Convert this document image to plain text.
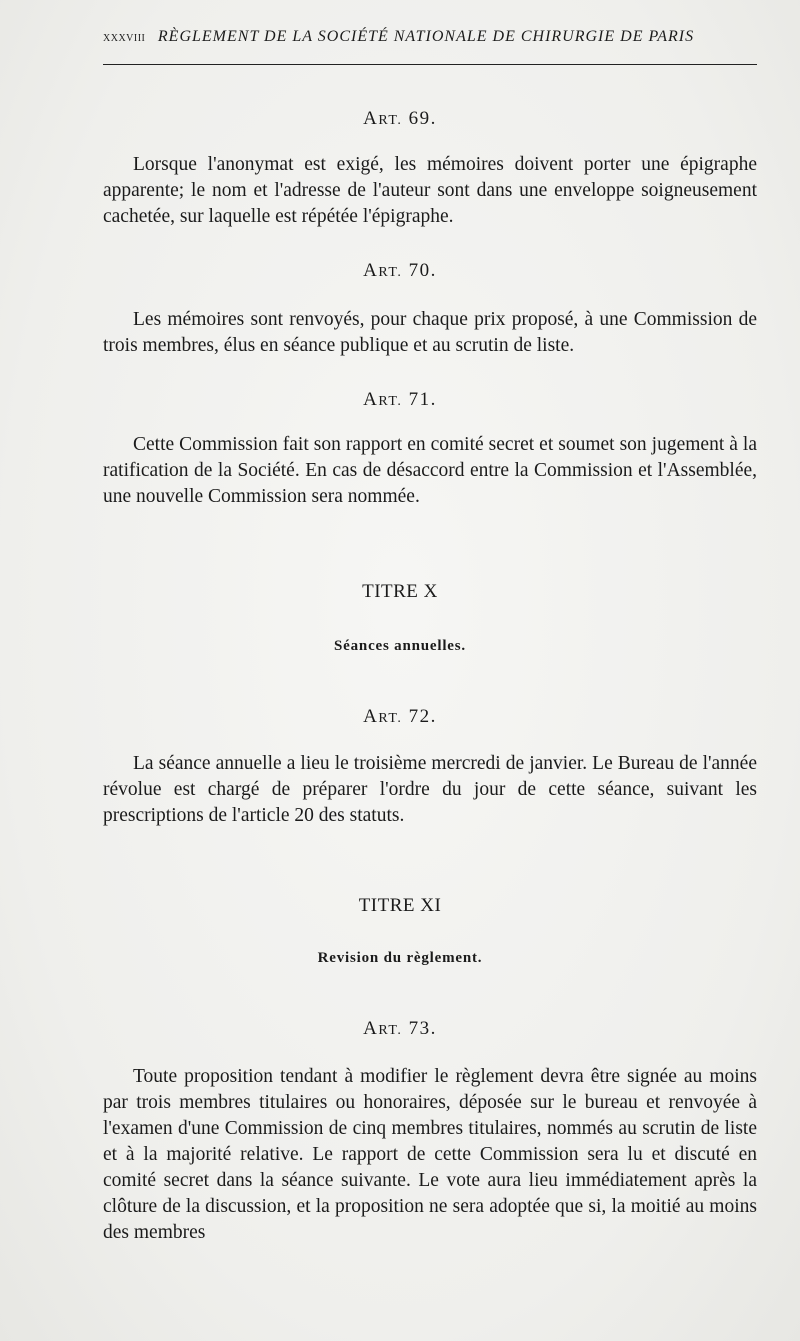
xxxviii RÈGLEMENT DE LA SOCIÉTÉ NATIONALE DE CHIRURGIE DE PARIS
ART. 69.
Lorsque l'anonymat est exigé, les mémoires doivent porter une épigraphe apparente; le nom et l'adresse de l'auteur sont dans une enveloppe soigneusement cachetée, sur laquelle est répétée l'épigraphe.
ART. 70.
Les mémoires sont renvoyés, pour chaque prix proposé, à une Commission de trois membres, élus en séance publique et au scrutin de liste.
ART. 71.
Cette Commission fait son rapport en comité secret et soumet son jugement à la ratification de la Société. En cas de désaccord entre la Commission et l'Assemblée, une nouvelle Commission sera nommée.
TITRE X
Séances annuelles.
ART. 72.
La séance annuelle a lieu le troisième mercredi de janvier. Le Bureau de l'année révolue est chargé de préparer l'ordre du jour de cette séance, suivant les prescriptions de l'article 20 des statuts.
TITRE XI
Revision du règlement.
ART. 73.
Toute proposition tendant à modifier le règlement devra être signée au moins par trois membres titulaires ou honoraires, déposée sur le bureau et renvoyée à l'examen d'une Commission de cinq membres titulaires, nommés au scrutin de liste et à la majorité relative. Le rapport de cette Commission sera lu et discuté en comité secret dans la séance suivante. Le vote aura lieu immédiatement après la clôture de la discussion, et la proposition ne sera adoptée que si, la moitié au moins des membres
